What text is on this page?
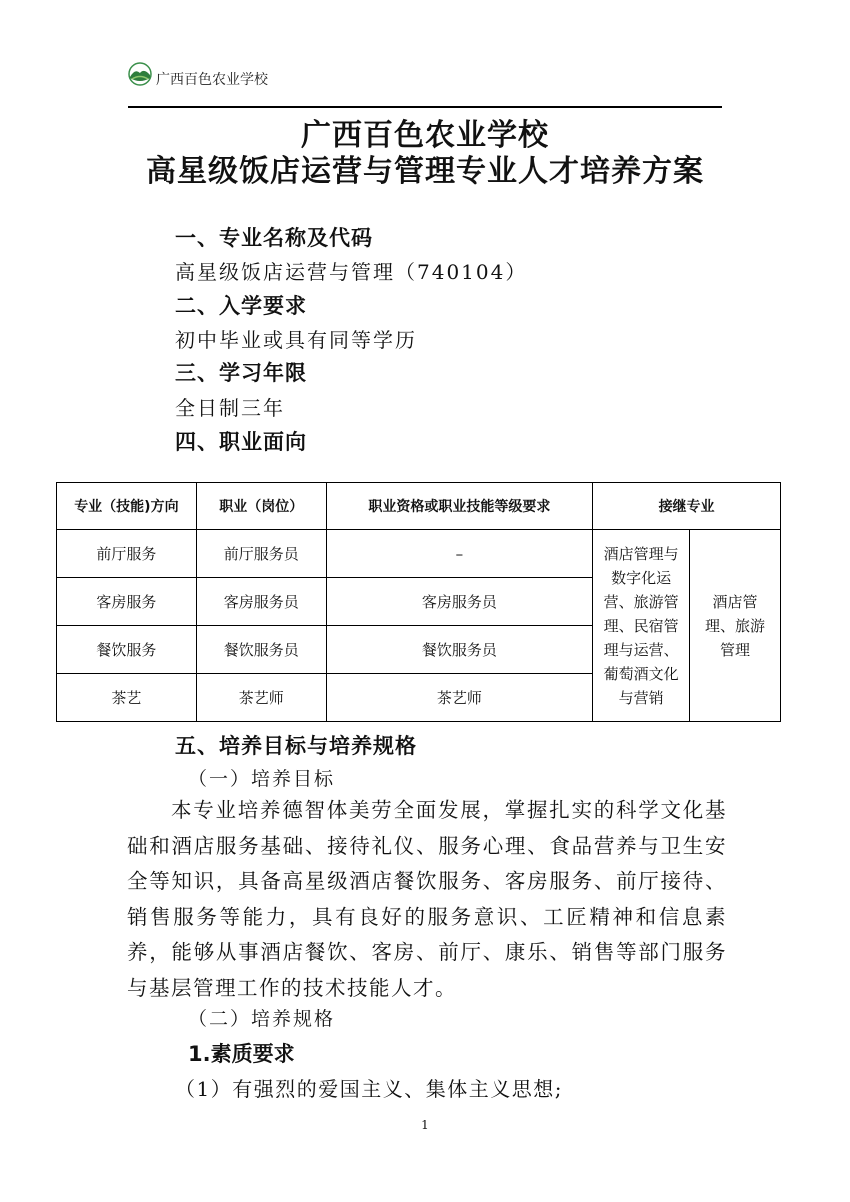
广西百色农业学校
广西百色农业学校
高星级饭店运营与管理专业人才培养方案
一、专业名称及代码
高星级饭店运营与管理（740104）
二、入学要求
初中毕业或具有同等学历
三、学习年限
全日制三年
四、职业面向
专业（技能)方向	职业（岗位）	职业资格或职业技能等级要求	接继专业	
前厅服务	前厅服务员	–	酒店管理与数字化运营、旅游管理、民宿管理与运营、葡萄酒文化与营销	酒店管理、旅游管理
客房服务	客房服务员	客房服务员		
餐饮服务	餐饮服务员	餐饮服务员		
茶艺	茶艺师	茶艺师		
五、培养目标与培养规格
（一）培养目标
本专业培养德智体美劳全面发展，掌握扎实的科学文化基础和酒店服务基础、接待礼仪、服务心理、食品营养与卫生安全等知识，具备高星级酒店餐饮服务、客房服务、前厅接待、销售服务等能力，具有良好的服务意识、工匠精神和信息素养，能够从事酒店餐饮、客房、前厅、康乐、销售等部门服务与基层管理工作的技术技能人才。
（二）培养规格
1.素质要求
（1）有强烈的爱国主义、集体主义思想;
1
